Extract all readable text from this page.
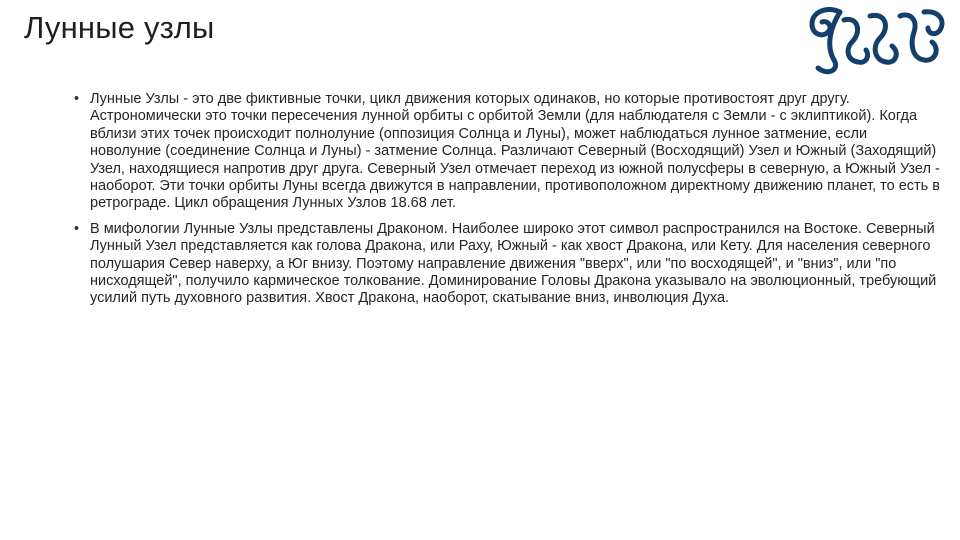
Лунные узлы
• Лунные Узлы - это две фиктивные точки, цикл движения которых одинаков, но которые противостоят друг другу. Астрономически это точки пересечения лунной орбиты с орбитой Земли (для наблюдателя с Земли - с эклиптикой). Когда вблизи этих точек происходит полнолуние (оппозиция Солнца и Луны), может наблюдаться лунное затмение, если новолуние (соединение Солнца и Луны) - затмение Солнца. Различают Северный (Восходящий) Узел и Южный (Заходящий) Узел, находящиеся напротив друг друга. Северный Узел отмечает переход из южной полусферы в северную, а Южный Узел - наоборот. Эти точки орбиты Луны всегда движутся в направлении, противоположном директному движению планет, то есть в ретрограде. Цикл обращения Лунных Узлов 18.68 лет.
• В мифологии Лунные Узлы представлены Драконом. Наиболее широко этот символ распространился на Востоке. Северный Лунный Узел представляется как голова Дракона, или Раху, Южный - как хвост Дракона, или Кету. Для населения северного полушария Север наверху, а Юг внизу. Поэтому направление движения "вверх", или "по восходящей", и "вниз", или "по нисходящей", получило кармическое толкование. Доминирование Головы Дракона указывало на эволюционный, требующий усилий путь духовного развития. Хвост Дракона, наоборот, скатывание вниз, инволюция Духа.
